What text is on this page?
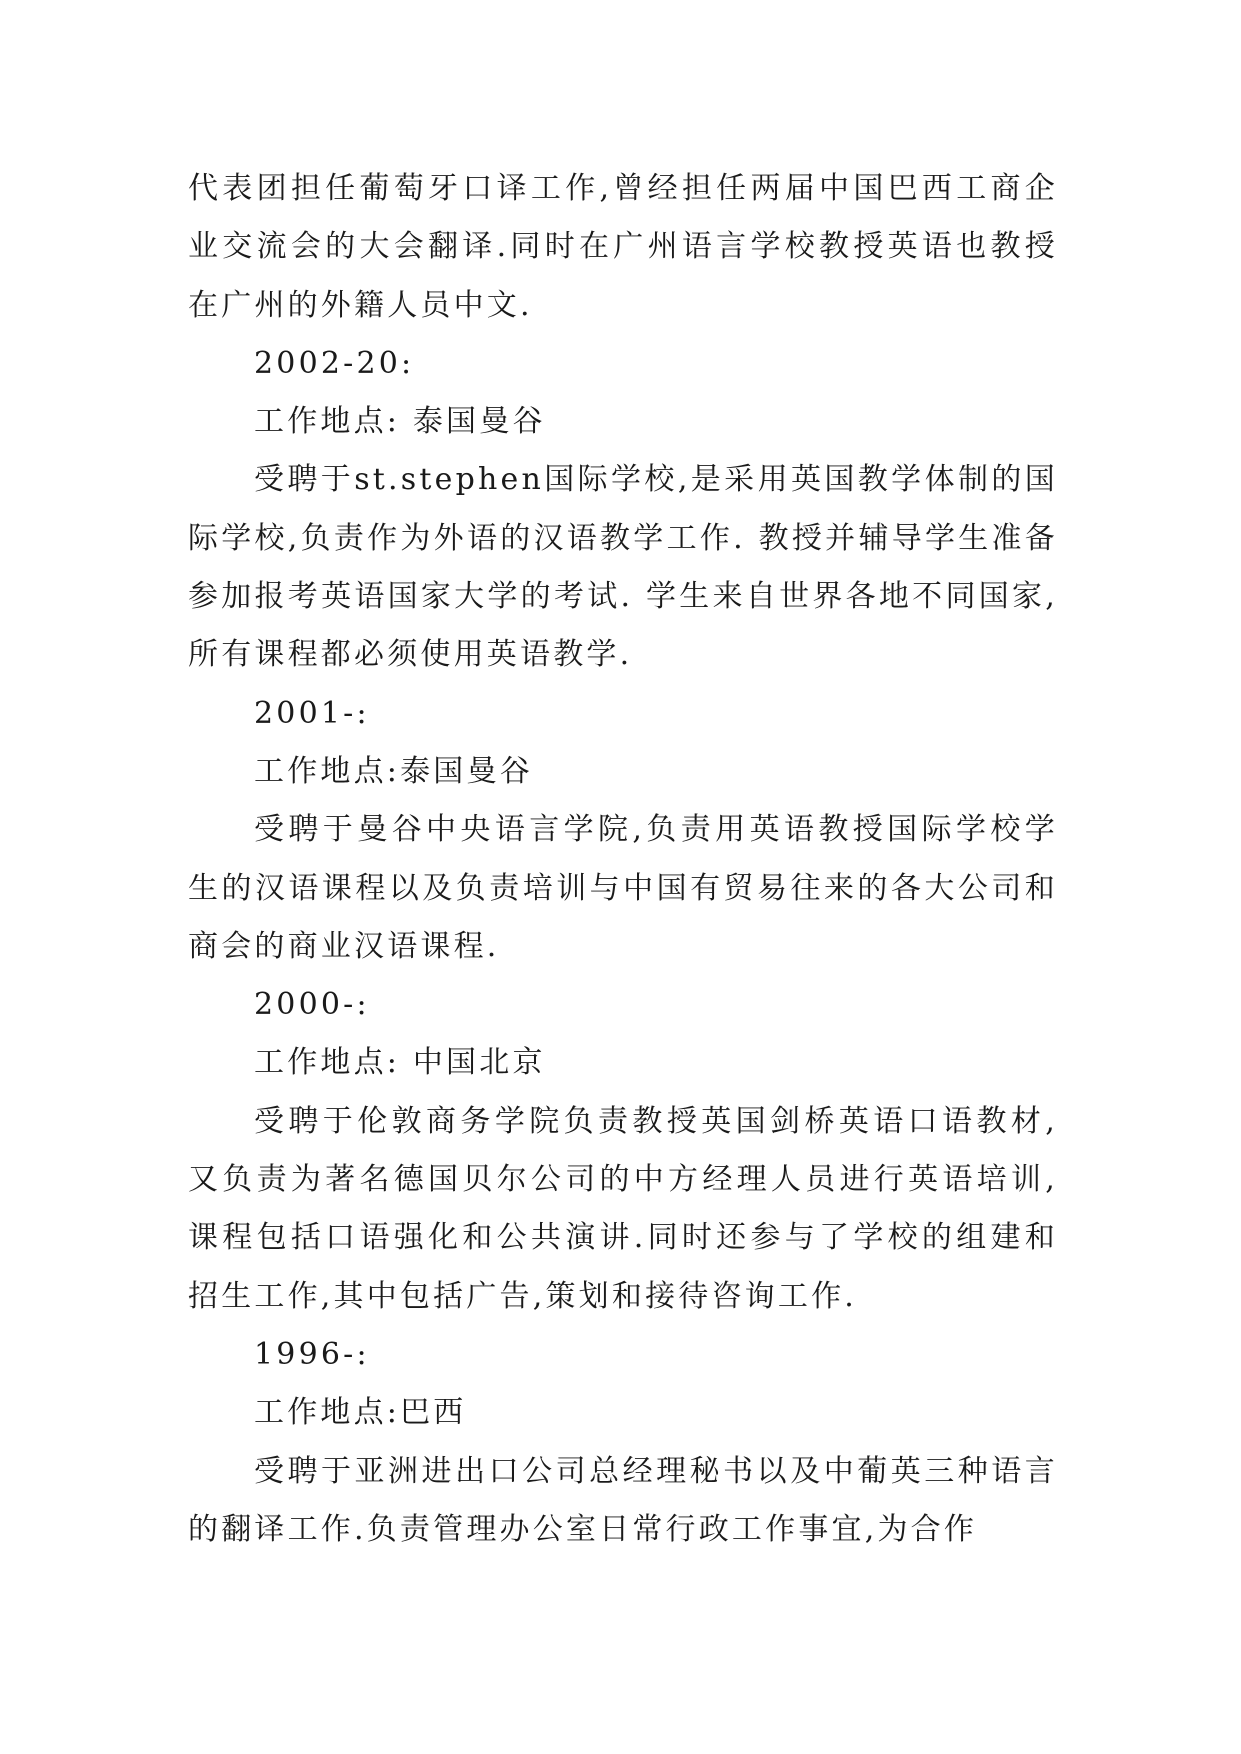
代表团担任葡萄牙口译工作,曾经担任两届中国巴西工商企业交流会的大会翻译.同时在广州语言学校教授英语也教授在广州的外籍人员中文.

2002-20:

工作地点: 泰国曼谷

受聘于st.stephen国际学校,是采用英国教学体制的国际学校,负责作为外语的汉语教学工作. 教授并辅导学生准备参加报考英语国家大学的考试. 学生来自世界各地不同国家,所有课程都必须使用英语教学.

2001-:

工作地点:泰国曼谷

受聘于曼谷中央语言学院,负责用英语教授国际学校学生的汉语课程以及负责培训与中国有贸易往来的各大公司和商会的商业汉语课程.

2000-:

工作地点: 中国北京

受聘于伦敦商务学院负责教授英国剑桥英语口语教材,又负责为著名德国贝尔公司的中方经理人员进行英语培训,课程包括口语强化和公共演讲.同时还参与了学校的组建和招生工作,其中包括广告,策划和接待咨询工作.

1996-:

工作地点:巴西

受聘于亚洲进出口公司总经理秘书以及中葡英三种语言的翻译工作.负责管理办公室日常行政工作事宜,为合作
